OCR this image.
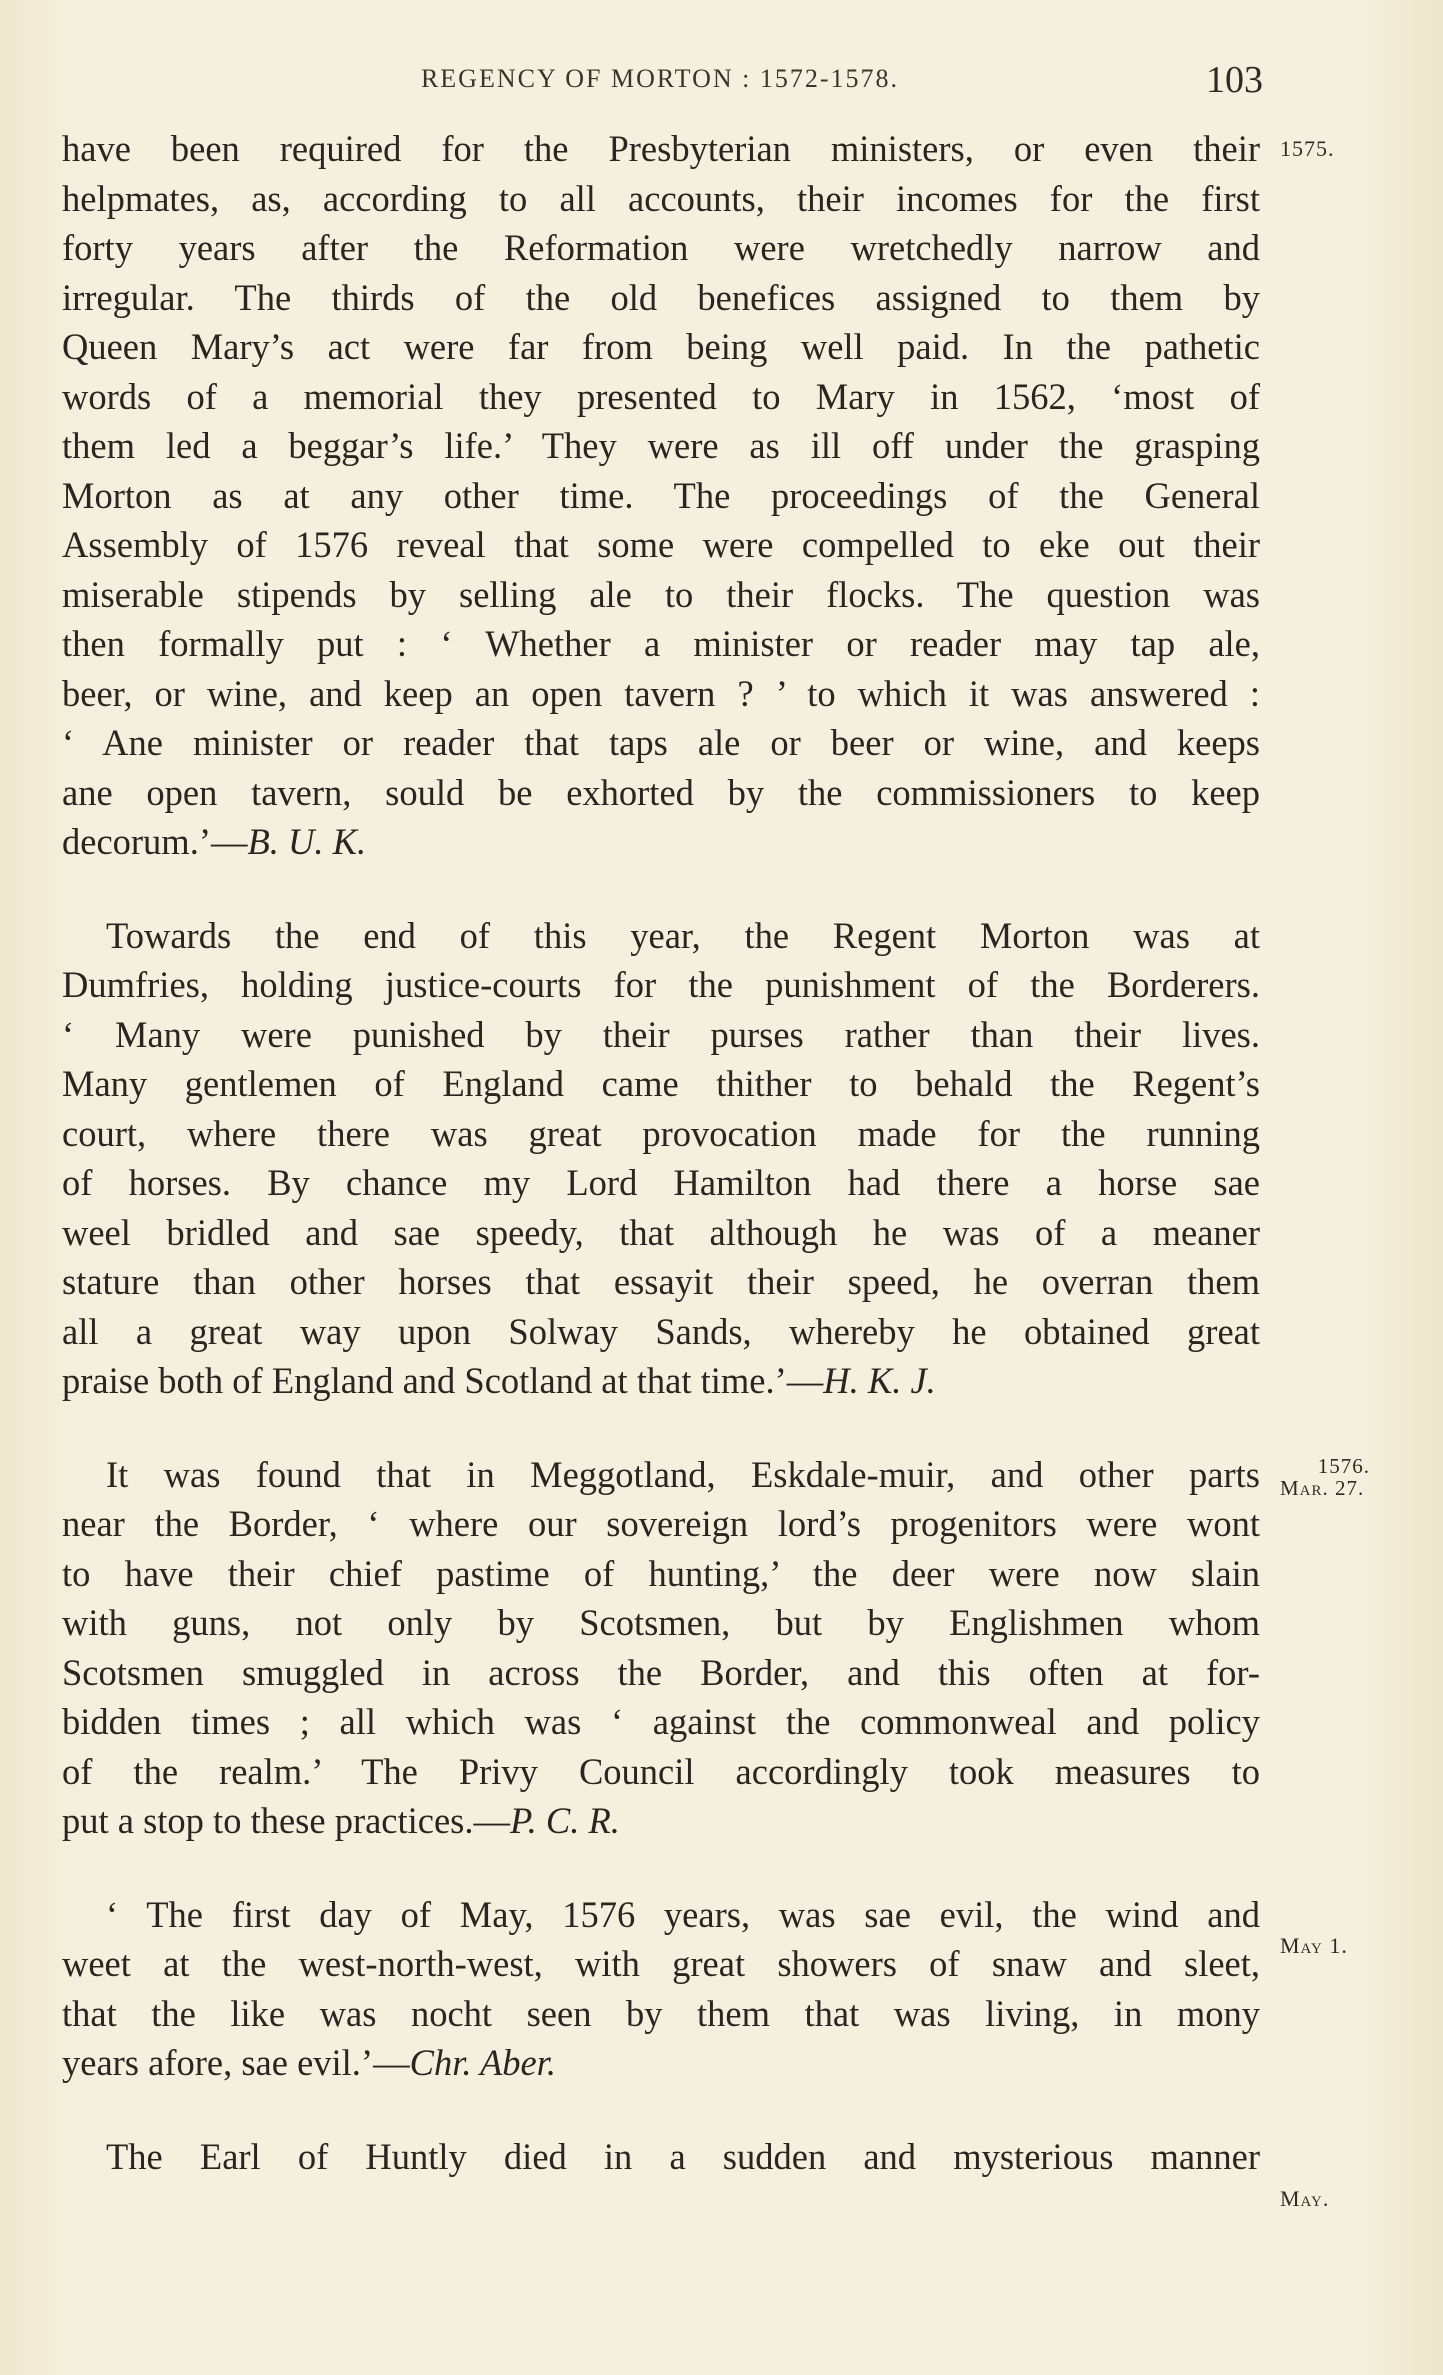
REGENCY OF MORTON : 1572-1578.	103
have been required for the Presbyterian ministers, or even their
helpmates, as, according to all accounts, their incomes for the first
forty years after the Reformation were wretchedly narrow and
irregular. The thirds of the old benefices assigned to them by
Queen Mary’s act were far from being well paid. In the pathetic
words of a memorial they presented to Mary in 1562, ‘most of
them led a beggar’s life.’ They were as ill off under the grasping
Morton as at any other time. The proceedings of the General
Assembly of 1576 reveal that some were compelled to eke out their
miserable stipends by selling ale to their flocks. The question was
then formally put : ‘ Whether a minister or reader may tap ale,
beer, or wine, and keep an open tavern ? ’ to which it was answered :
‘ Ane minister or reader that taps ale or beer or wine, and keeps
ane open tavern, sould be exhorted by the commissioners to keep
decorum.’—B. U. K.
Towards the end of this year, the Regent Morton was at
Dumfries, holding justice-courts for the punishment of the Borderers.
‘ Many were punished by their purses rather than their lives.
Many gentlemen of England came thither to behald the Regent’s
court, where there was great provocation made for the running
of horses. By chance my Lord Hamilton had there a horse sae
weel bridled and sae speedy, that although he was of a meaner
stature than other horses that essayit their speed, he overran them
all a great way upon Solway Sands, whereby he obtained great
praise both of England and Scotland at that time.’—H. K. J.
It was found that in Meggotland, Eskdale-muir, and other parts
near the Border, ‘ where our sovereign lord’s progenitors were wont
to have their chief pastime of hunting,’ the deer were now slain
with guns, not only by Scotsmen, but by Englishmen whom
Scotsmen smuggled in across the Border, and this often at for-
bidden times ; all which was ‘ against the commonweal and policy
of the realm.’ The Privy Council accordingly took measures to
put a stop to these practices.—P. C. R.
‘ The first day of May, 1576 years, was sae evil, the wind and
weet at the west-north-west, with great showers of snaw and sleet,
that the like was nocht seen by them that was living, in mony
years afore, sae evil.’—Chr. Aber.
The Earl of Huntly died in a sudden and mysterious manner
1575.
1576.
Mar. 27.
May 1.
May.
